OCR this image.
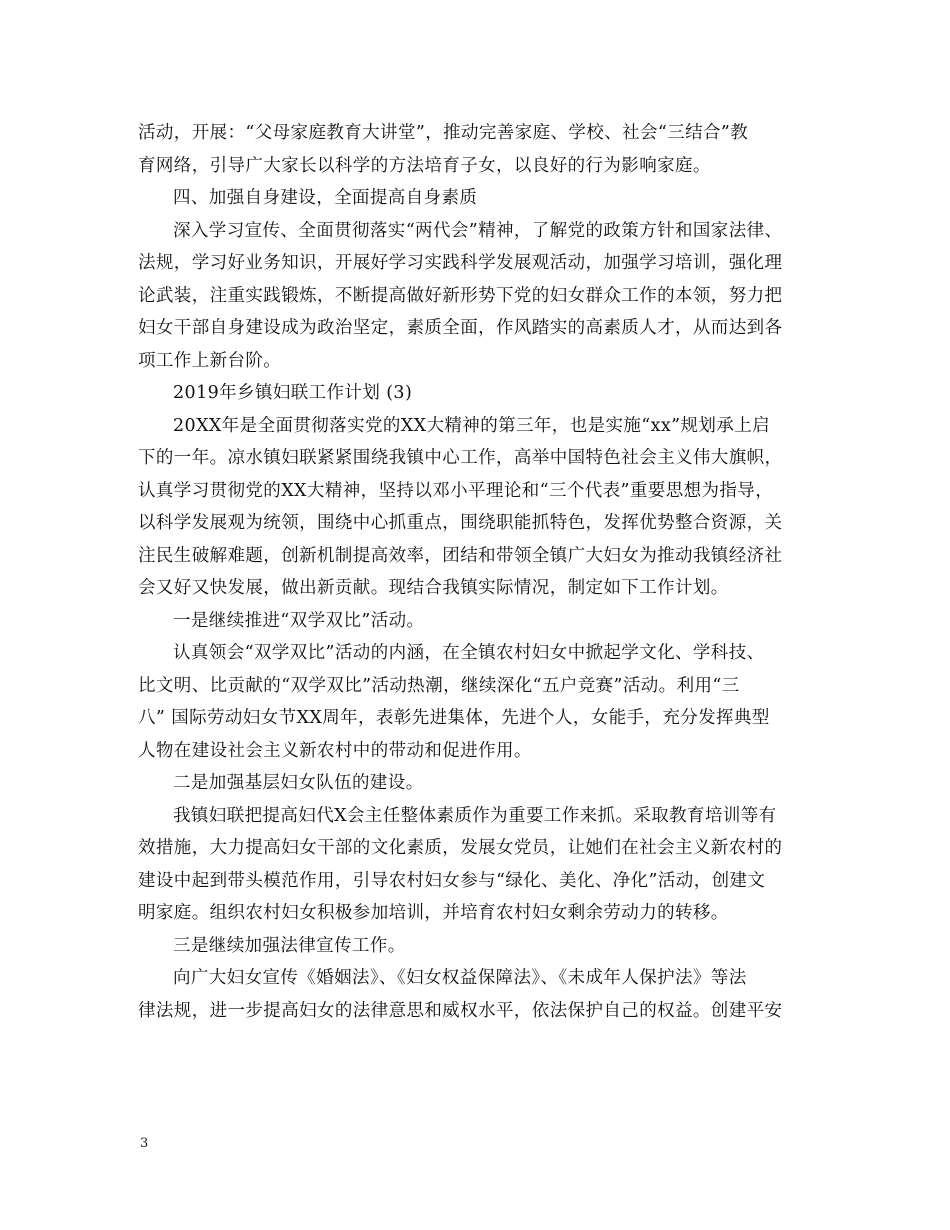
活动，开展：“父母家庭教育大讲堂”，推动完善家庭、学校、社会“三结合”教
育网络，引导广大家长以科学的方法培育子女，以良好的行为影响家庭。
四、加强自身建设，全面提高自身素质
深入学习宣传、全面贯彻落实“两代会”精神，了解党的政策方针和国家法律、
法规，学习好业务知识，开展好学习实践科学发展观活动，加强学习培训，强化理
论武装，注重实践锻炼，不断提高做好新形势下党的妇女群众工作的本领，努力把
妇女干部自身建设成为政治坚定，素质全面，作风踏实的高素质人才，从而达到各
项工作上新台阶。
2019年乡镇妇联工作计划 (3)
20XX年是全面贯彻落实党的XX大精神的第三年，也是实施“xx”规划承上启
下的一年。凉水镇妇联紧紧围绕我镇中心工作，高举中国特色社会主义伟大旗帜，
认真学习贯彻党的XX大精神，坚持以邓小平理论和“三个代表”重要思想为指导，
以科学发展观为统领，围绕中心抓重点，围绕职能抓特色，发挥优势整合资源，关
注民生破解难题，创新机制提高效率，团结和带领全镇广大妇女为推动我镇经济社
会又好又快发展，做出新贡献。现结合我镇实际情况，制定如下工作计划。
一是继续推进“双学双比”活动。
认真领会“双学双比”活动的内涵，在全镇农村妇女中掀起学文化、学科技、
比文明、比贡献的“双学双比”活动热潮，继续深化“五户竞赛”活动。利用“三
八” 国际劳动妇女节XX周年，表彰先进集体，先进个人，女能手，充分发挥典型
人物在建设社会主义新农村中的带动和促进作用。
二是加强基层妇女队伍的建设。
我镇妇联把提高妇代X会主任整体素质作为重要工作来抓。采取教育培训等有
效措施，大力提高妇女干部的文化素质，发展女党员，让她们在社会主义新农村的
建设中起到带头模范作用，引导农村妇女参与“绿化、美化、净化”活动，创建文
明家庭。组织农村妇女积极参加培训，并培育农村妇女剩余劳动力的转移。
三是继续加强法律宣传工作。
向广大妇女宣传《婚姻法》、《妇女权益保障法》、《未成年人保护法》等法
律法规，进一步提高妇女的法律意思和威权水平，依法保护自己的权益。创建平安
3
